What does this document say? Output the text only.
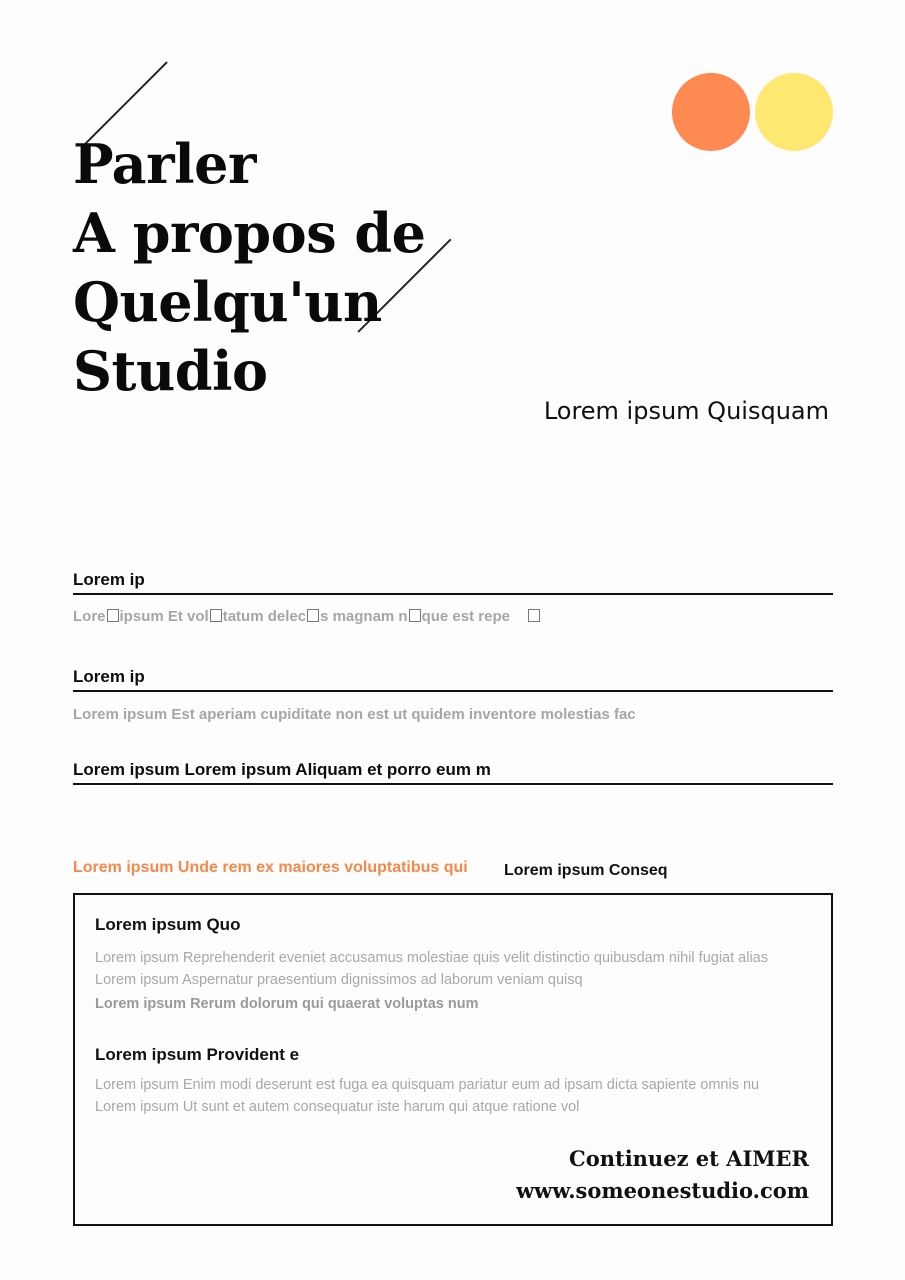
Parler
A propos de
Quelqu'un
Studio
Lorem ipsum Quisquam
Lorem ip
Lore ipsum Et vol tatum delec s magnam n que est repe
Lorem ip
Lorem ipsum Est aperiam cupiditate non est ut quidem inventore molestias fac
Lorem ipsum Lorem ipsum Aliquam et porro eum m
Lorem ipsum Unde rem ex maiores voluptatibus qui Lorem ipsum Conseq
Lorem ipsum Quo
Lorem ipsum Reprehenderit eveniet accusamus molestiae quis velit distinctio quibusdam nihil fugiat alias
Lorem ipsum Aspernatur praesentium dignissimos ad laborum veniam quisq
Lorem ipsum Rerum dolorum qui quaerat voluptas num
Lorem ipsum Provident e
Lorem ipsum Enim modi deserunt est fuga ea quisquam pariatur eum ad ipsam dicta sapiente omnis nu
Lorem ipsum Ut sunt et autem consequatur iste harum qui atque ratione vol
Continuez et AIMER
www.someonestudio.com
